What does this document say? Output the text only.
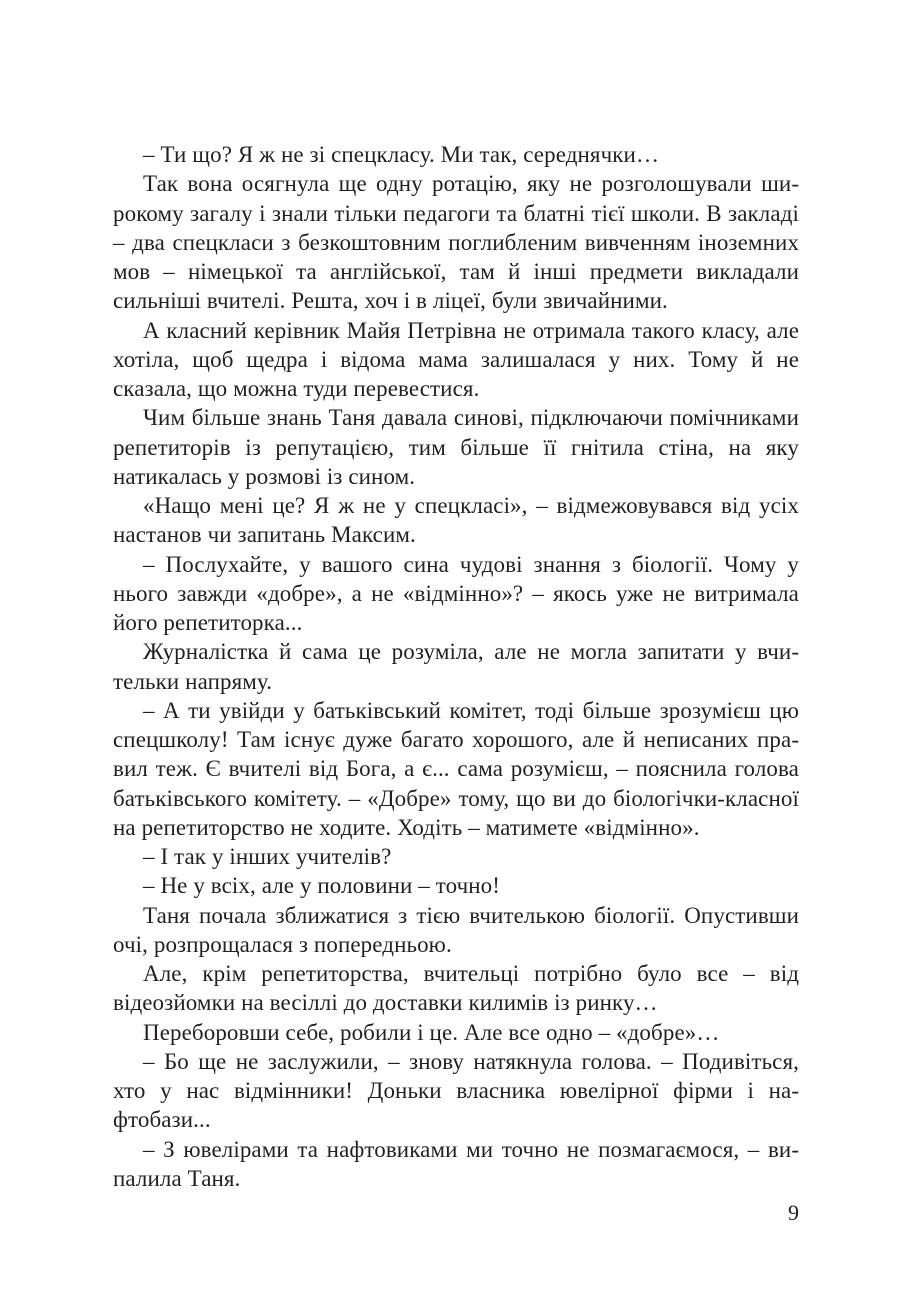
– Ти що? Я ж не зі спецкласу. Ми так, середнячки…

Так вона осягнула ще одну ротацію, яку не розголошували широкому загалу і знали тільки педагоги та блатні тієї школи. В закладі – два спецкласи з безкоштовним поглибленим вивченням іноземних мов – німецької та англійської, там й інші предмети викладали сильніші вчителі. Решта, хоч і в ліцеї, були звичайними.

А класний керівник Майя Петрівна не отримала такого класу, але хотіла, щоб щедра і відома мама залишалася у них. Тому й не сказала, що можна туди перевестися.

Чим більше знань Таня давала синові, підключаючи помічниками репетиторів із репутацією, тим більше її гнітила стіна, на яку натикалась у розмові із сином.

«Нащо мені це? Я ж не у спецкласі», – відмежовувався від усіх настанов чи запитань Максим.

– Послухайте, у вашого сина чудові знання з біології. Чому у нього завжди «добре», а не «відмінно»? – якось уже не витримала його репетиторка...

Журналістка й сама це розуміла, але не могла запитати у вчительки напряму.

– А ти увійди у батьківський комітет, тоді більше зрозумієш цю спецшколу! Там існує дуже багато хорошого, але й неписаних правил теж. Є вчителі від Бога, а є... сама розумієш, – пояснила голова батьківського комітету. – «Добре» тому, що ви до біологічки-класної на репетиторство не ходите. Ходіть – матимете «відмінно».

– І так у інших учителів?

– Не у всіх, але у половини – точно!

Таня почала зближатися з тією вчителькою біології. Опустивши очі, розпрощалася з попередньою.

Але, крім репетиторства, вчительці потрібно було все – від відеозйомки на весіллі до доставки килимів із ринку…

Переборовши себе, робили і це. Але все одно – «добре»…

– Бо ще не заслужили, – знову натякнула голова. – Подивіться, хто у нас відмінники! Доньки власника ювелірної фірми і нафтобази...

– З ювелірами та нафтовиками ми точно не позмагаємося, – випалила Таня.

9
